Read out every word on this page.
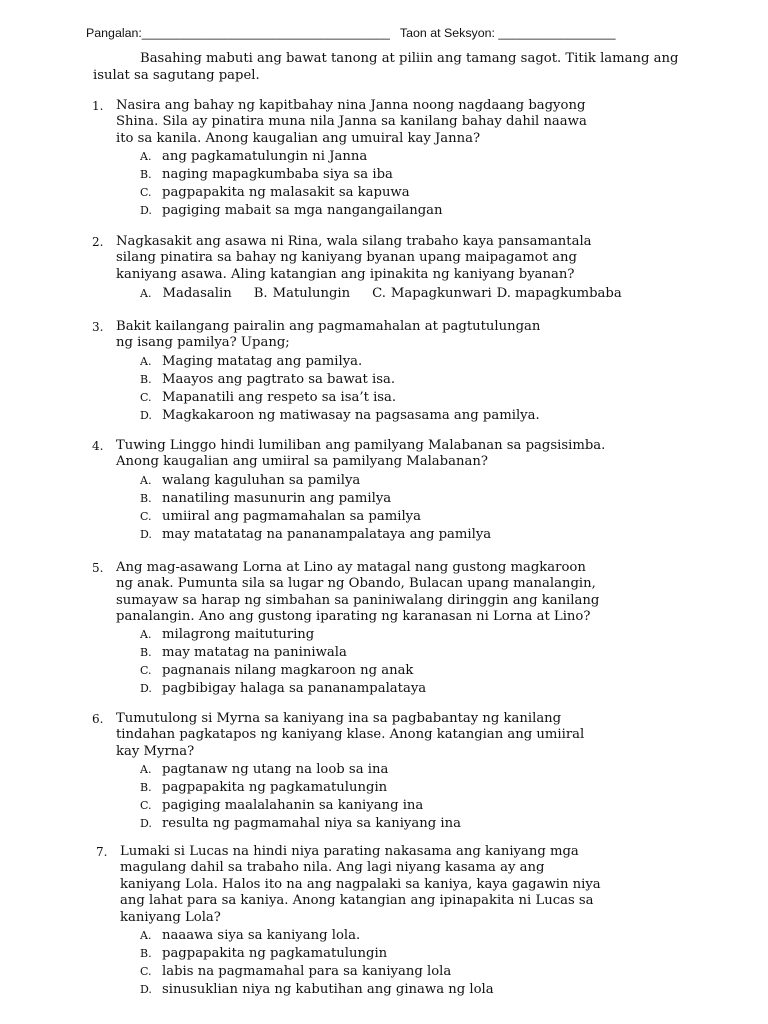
Pangalan:____________________________________ Taon at Seksyon: _________________
Basahing mabuti ang bawat tanong at piliin ang tamang sagot. Titik lamang ang isulat sa sagutang papel.
1. Nasira ang bahay ng kapitbahay nina Janna noong nagdaang bagyong
Shina. Sila ay pinatira muna nila Janna sa kanilang bahay dahil naawa
ito sa kanila. Anong kaugalian ang umuiral kay Janna?
A. ang pagkamatulungin ni Janna
B. naging mapagkumbaba siya sa iba
C. pagpapakita ng malasakit sa kapuwa
D. pagiging mabait sa mga nangangailangan
2. Nagkasakit ang asawa ni Rina, wala silang trabaho kaya pansamantala
silang pinatira sa bahay ng kaniyang byanan upang maipagamot ang
kaniyang asawa. Aling katangian ang ipinakita ng kaniyang byanan?
A. Madasalin B. Matulungin C. Mapagkunwari D. mapagkumbaba
3. Bakit kailangang pairalin ang pagmamahalan at pagtutulungan
ng isang pamilya? Upang;
A. Maging matatag ang pamilya.
B. Maayos ang pagtrato sa bawat isa.
C. Mapanatili ang respeto sa isa’t isa.
D. Magkakaroon ng matiwasay na pagsasama ang pamilya.
4. Tuwing Linggo hindi lumiliban ang pamilyang Malabanan sa pagsisimba.
Anong kaugalian ang umiiral sa pamilyang Malabanan?
A. walang kaguluhan sa pamilya
B. nanatiling masunurin ang pamilya
C. umiiral ang pagmamahalan sa pamilya
D. may matatatag na pananampalataya ang pamilya
5. Ang mag-asawang Lorna at Lino ay matagal nang gustong magkaroon
ng anak. Pumunta sila sa lugar ng Obando, Bulacan upang manalangin,
sumayaw sa harap ng simbahan sa paniniwalang diringgin ang kanilang
panalangin. Ano ang gustong iparating ng karanasan ni Lorna at Lino?
A. milagrong maituturing
B. may matatag na paniniwala
C. pagnanais nilang magkaroon ng anak
D. pagbibigay halaga sa pananampalataya
6. Tumutulong si Myrna sa kaniyang ina sa pagbabantay ng kanilang
tindahan pagkatapos ng kaniyang klase. Anong katangian ang umiiral
kay Myrna?
A. pagtanaw ng utang na loob sa ina
B. pagpapakita ng pagkamatulungin
C. pagiging maalalahanin sa kaniyang ina
D. resulta ng pagmamahal niya sa kaniyang ina
7. Lumaki si Lucas na hindi niya parating nakasama ang kaniyang mga
magulang dahil sa trabaho nila. Ang lagi niyang kasama ay ang
kaniyang Lola. Halos ito na ang nagpalaki sa kaniya, kaya gagawin niya
ang lahat para sa kaniya. Anong katangian ang ipinapakita ni Lucas sa
kaniyang Lola?
A. naaawa siya sa kaniyang lola.
B. pagpapakita ng pagkamatulungin
C. labis na pagmamahal para sa kaniyang lola
D. sinusuklian niya ng kabutihan ang ginawa ng lola
